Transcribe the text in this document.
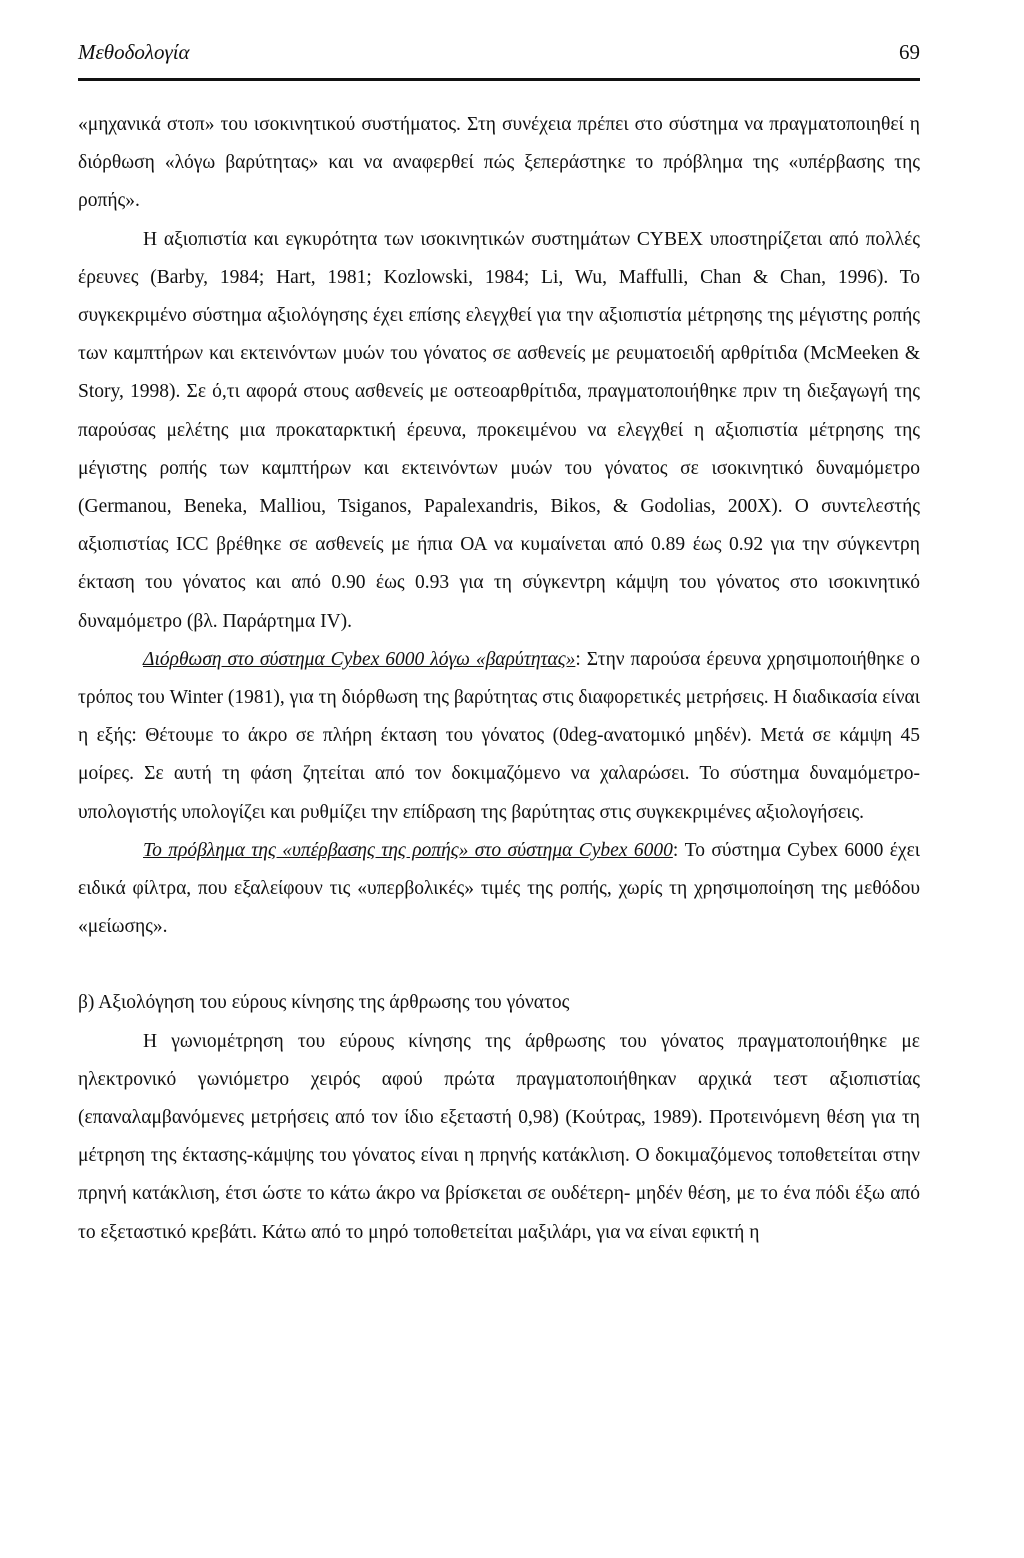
Μεθοδολογία	69

«μηχανικά στοπ» του ισοκινητικού συστήματος. Στη συνέχεια πρέπει στο σύστημα να πραγματοποιηθεί η διόρθωση «λόγω βαρύτητας» και να αναφερθεί πώς ξεπεράστηκε το πρόβλημα της «υπέρβασης της ροπής».

Η αξιοπιστία και εγκυρότητα των ισοκινητικών συστημάτων CYBEX υποστηρίζεται από πολλές έρευνες (Barby, 1984; Hart, 1981; Kozlowski, 1984; Li, Wu, Maffulli, Chan & Chan, 1996). Το συγκεκριμένο σύστημα αξιολόγησης έχει επίσης ελεγχθεί για την αξιοπιστία μέτρησης της μέγιστης ροπής των καμπτήρων και εκτεινόντων μυών του γόνατος σε ασθενείς με ρευματοειδή αρθρίτιδα (McMeeken & Story, 1998). Σε ό,τι αφορά στους ασθενείς με οστεοαρθρίτιδα, πραγματοποιήθηκε πριν τη διεξαγωγή της παρούσας μελέτης μια προκαταρκτική έρευνα, προκειμένου να ελεγχθεί η αξιοπιστία μέτρησης της μέγιστης ροπής των καμπτήρων και εκτεινόντων μυών του γόνατος σε ισοκινητικό δυναμόμετρο (Germanou, Beneka, Malliou, Tsiganos, Papalexandris, Bikos, & Godolias, 200X). Ο συντελεστής αξιοπιστίας ICC βρέθηκε σε ασθενείς με ήπια ΟΑ να κυμαίνεται από 0.89 έως 0.92 για την σύγκεντρη έκταση του γόνατος και από 0.90 έως 0.93 για τη σύγκεντρη κάμψη του γόνατος στο ισοκινητικό δυναμόμετρο (βλ. Παράρτημα IV).

Διόρθωση στο σύστημα Cybex 6000 λόγω «βαρύτητας»: Στην παρούσα έρευνα χρησιμοποιήθηκε ο τρόπος του Winter (1981), για τη διόρθωση της βαρύτητας στις διαφορετικές μετρήσεις. Η διαδικασία είναι η εξής: Θέτουμε το άκρο σε πλήρη έκταση του γόνατος (0deg-ανατομικό μηδέν). Μετά σε κάμψη 45 μοίρες. Σε αυτή τη φάση ζητείται από τον δοκιμαζόμενο να χαλαρώσει. Το σύστημα δυναμόμετρο-υπολογιστής υπολογίζει και ρυθμίζει την επίδραση της βαρύτητας στις συγκεκριμένες αξιολογήσεις.

Το πρόβλημα της «υπέρβασης της ροπής» στο σύστημα Cybex 6000: Το σύστημα Cybex 6000 έχει ειδικά φίλτρα, που εξαλείφουν τις «υπερβολικές» τιμές της ροπής, χωρίς τη χρησιμοποίηση της μεθόδου «μείωσης».

β) Αξιολόγηση του εύρους κίνησης της άρθρωσης του γόνατος

Η γωνιομέτρηση του εύρους κίνησης της άρθρωσης του γόνατος πραγματοποιήθηκε με ηλεκτρονικό γωνιόμετρο χειρός αφού πρώτα πραγματοποιήθηκαν αρχικά τεστ αξιοπιστίας (επαναλαμβανόμενες μετρήσεις από τον ίδιο εξεταστή 0,98) (Κούτρας, 1989). Προτεινόμενη θέση για τη μέτρηση της έκτασης-κάμψης του γόνατος είναι η πρηνής κατάκλιση. Ο δοκιμαζόμενος τοποθετείται στην πρηνή κατάκλιση, έτσι ώστε το κάτω άκρο να βρίσκεται σε ουδέτερη- μηδέν θέση, με το ένα πόδι έξω από το εξεταστικό κρεβάτι. Κάτω από το μηρό τοποθετείται μαξιλάρι, για να είναι εφικτή η
